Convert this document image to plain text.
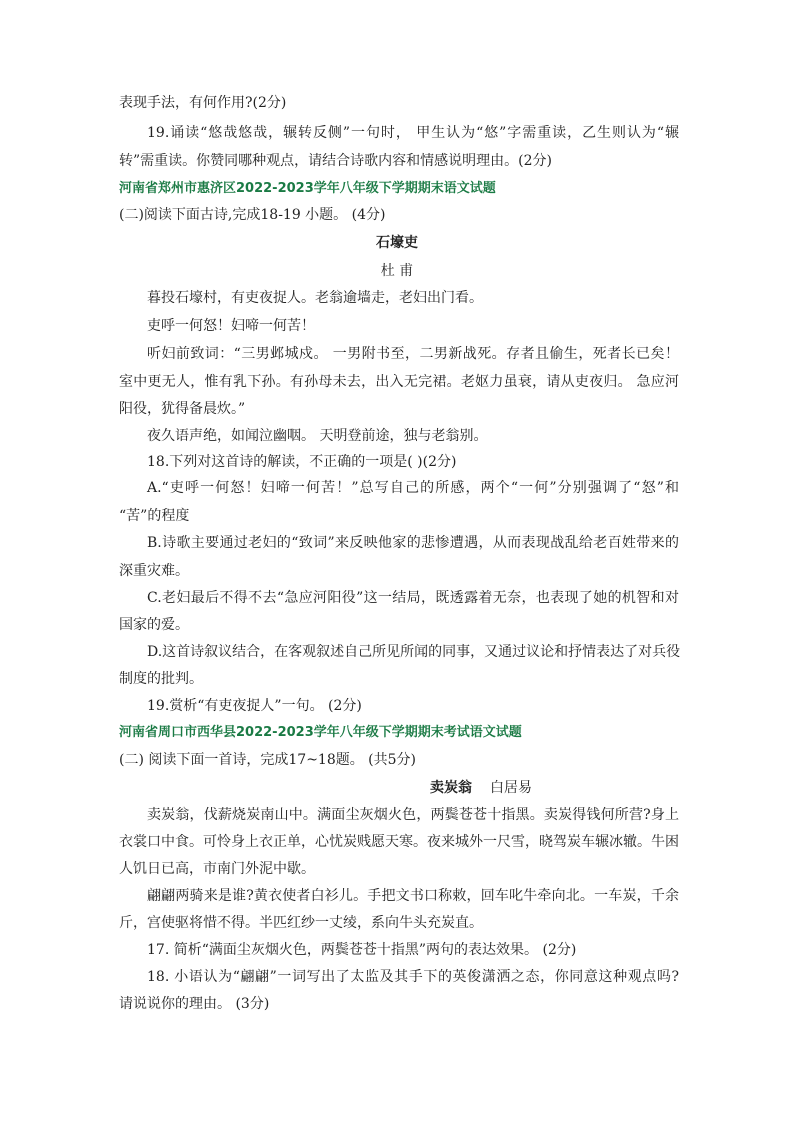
表现手法，有何作用?(2分)
19.诵读“悠哉悠哉，辗转反侧”一句时， 甲生认为“悠”字需重读，乙生则认为“辗
转”需重读。你赞同哪种观点，请结合诗歌内容和情感说明理由。(2分)
河南省郑州市惠济区2022-2023学年八年级下学期期末语文试题
(二)阅读下面古诗,完成18-19 小题。 (4分)
石壕吏
杜 甫
暮投石壕村，有吏夜捉人。老翁逾墙走，老妇出门看。
吏呼一何怒！妇啼一何苦！
听妇前致词：“三男邺城戍。 一男附书至，二男新战死。存者且偷生，死者长已矣！
室中更无人，惟有乳下孙。有孙母未去，出入无完裙。老妪力虽衰，请从吏夜归。 急应河
阳役，犹得备晨炊。”
夜久语声绝，如闻泣幽咽。 天明登前途，独与老翁别。
18.下列对这首诗的解读，不正确的一项是( )(2分)
A.“吏呼一何怒！妇啼一何苦！”总写自己的所感，两个“一何”分别强调了“怒”和
“苦”的程度
B.诗歌主要通过老妇的“致词”来反映他家的悲惨遭遇，从而表现战乱给老百姓带来的
深重灾难。
C.老妇最后不得不去“急应河阳役”这一结局，既透露着无奈，也表现了她的机智和对
国家的爱。
D.这首诗叙议结合，在客观叙述自己所见所闻的同事，又通过议论和抒情表达了对兵役
制度的批判。
19.赏析“有吏夜捉人”一句。 (2分)
河南省周口市西华县2022-2023学年八年级下学期期末考试语文试题
(二) 阅读下面一首诗，完成17~18题。 (共5分)
卖炭翁 白居易
卖炭翁，伐薪烧炭南山中。满面尘灰烟火色，两鬓苍苍十指黑。卖炭得钱何所营?身上
衣裳口中食。可怜身上衣正单，心忧炭贱愿天寒。夜来城外一尺雪，晓驾炭车辗冰辙。牛困
人饥日已高，市南门外泥中歇。
翩翩两骑来是谁?黄衣使者白衫儿。手把文书口称敕，回车叱牛牵向北。一车炭，千余
斤，宫使驱将惜不得。半匹红纱一丈绫，系向牛头充炭直。
17. 简析“满面尘灰烟火色，两鬓苍苍十指黑”两句的表达效果。 (2分)
18. 小语认为“翩翩”一词写出了太监及其手下的英俊潇洒之态，你同意这种观点吗?
请说说你的理由。 (3分)
